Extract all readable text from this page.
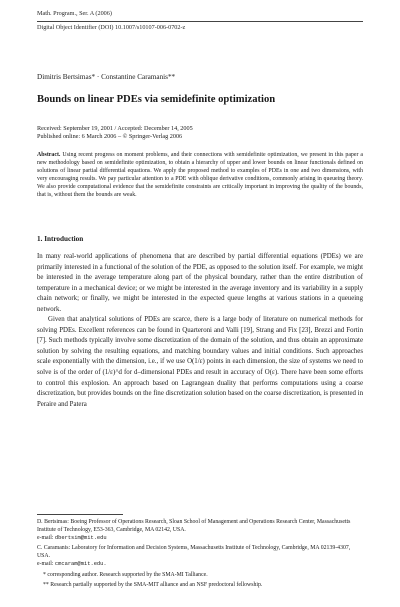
Math. Program., Ser. A (2006)
Digital Object Identifier (DOI) 10.1007/s10107-006-0702-z
Dimitris Bertsimas* · Constantine Caramanis**
Bounds on linear PDEs via semidefinite optimization
Received: September 19, 2001 / Accepted: December 14, 2005
Published online: 6 March 2006 – © Springer-Verlag 2006

Abstract. Using recent progress on moment problems, and their connections with semidefinite optimization, we present in this paper a new methodology based on semidefinite optimization, to obtain a hierarchy of upper and lower bounds on linear functionals defined on solutions of linear partial differential equations. We apply the proposed method to examples of PDEs in one and two dimensions, with very encouraging results. We pay particular attention to a PDE with oblique derivative conditions, commonly arising in queueing theory. We also provide computational evidence that the semidefinite constraints are critically important in improving the quality of the bounds, that is, without them the bounds are weak.

1. Introduction

In many real-world applications of phenomena that are described by partial differential equations (PDEs) we are primarily interested in a functional of the solution of the PDE, as opposed to the solution itself. For example, we might be interested in the average temperature along part of the physical boundary, rather than the entire distribution of temperature in a mechanical device; or we might be interested in the average inventory and its variability in a supply chain network; or finally, we might be interested in the expected queue lengths at various stations in a queueing network.

Given that analytical solutions of PDEs are scarce, there is a large body of literature on numerical methods for solving PDEs. Excellent references can be found in Quarteroni and Valli [19], Strang and Fix [23], Brezzi and Fortin [7]. Such methods typically involve some discretization of the domain of the solution, and thus obtain an approximate solution by solving the resulting equations, and matching boundary values and initial conditions. Such approaches scale exponentially with the dimension, i.e., if we use O(1/ε) points in each dimension, the size of systems we need to solve is of the order of (1/ε)^d for d–dimensional PDEs and result in accuracy of O(ε). There have been some efforts to control this explosion. An approach based on Lagrangean duality that performs computations using a coarse discretization, but provides bounds on the fine discretization solution based on the coarse discretization, is presented in Peraire and Patera

D. Bertsimas: Boeing Professor of Operations Research, Sloan School of Management and Operations Research Center, Massachusetts Institute of Technology, E53-363, Cambridge, MA 02142, USA.
e-mail: dbertsim@mit.edu

C. Caramanis: Laboratory for Information and Decision Systems, Massachusetts Institute of Technology, Cambridge, MA 02139-4307, USA.
e-mail: cmcaram@mit.edu.

* corresponding author. Research supported by the SMA-MI Talliance.

** Research partially supported by the SMA-MIT alliance and an NSF predoctoral fellowship.
